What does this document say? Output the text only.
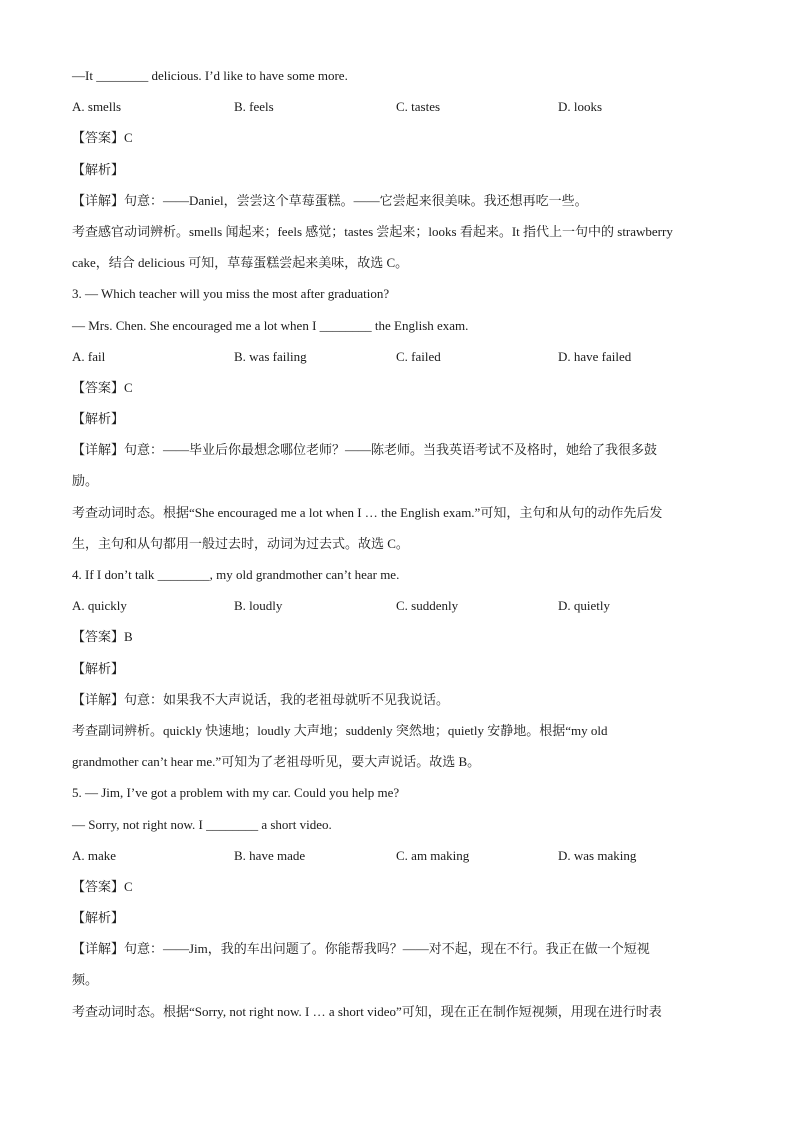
—It ________ delicious. I’d like to have some more.
A. smells	B. feels	C. tastes	D. looks
【答案】C
【解析】
【详解】句意：——Daniel，尝尝这个草莓蛋糕。——它尝起来很美味。我还想再吃一些。
考查感官动词辨析。smells 闻起来；feels 感觉；tastes 尝起来；looks 看起来。It 指代上一句中的 strawberry
cake，结合 delicious 可知，草莓蛋糕尝起来美味，故选 C。
3. — Which teacher will you miss the most after graduation?
— Mrs. Chen. She encouraged me a lot when I ________ the English exam.
A. fail	B. was failing	C. failed	D. have failed
【答案】C
【解析】
【详解】句意：——毕业后你最想念哪位老师？——陈老师。当我英语考试不及格时，她给了我很多鼓
励。
考查动词时态。根据“She encouraged me a lot when I … the English exam.”可知，主句和从句的动作先后发
生，主句和从句都用一般过去时，动词为过去式。故选 C。
4. If I don’t talk ________, my old grandmother can’t hear me.
A. quickly	B. loudly	C. suddenly	D. quietly
【答案】B
【解析】
【详解】句意：如果我不大声说话，我的老祖母就听不见我说话。
考查副词辨析。quickly 快速地；loudly 大声地；suddenly 突然地；quietly 安静地。根据“my old
grandmother can’t hear me.”可知为了老祖母听见，要大声说话。故选 B。
5. — Jim, I’ve got a problem with my car. Could you help me?
— Sorry, not right now. I ________ a short video.
A. make	B. have made	C. am making	D. was making
【答案】C
【解析】
【详解】句意：——Jim，我的车出问题了。你能帮我吗？——对不起，现在不行。我正在做一个短视
频。
考查动词时态。根据“Sorry, not right now. I … a short video”可知，现在正在制作短视频，用现在进行时表
